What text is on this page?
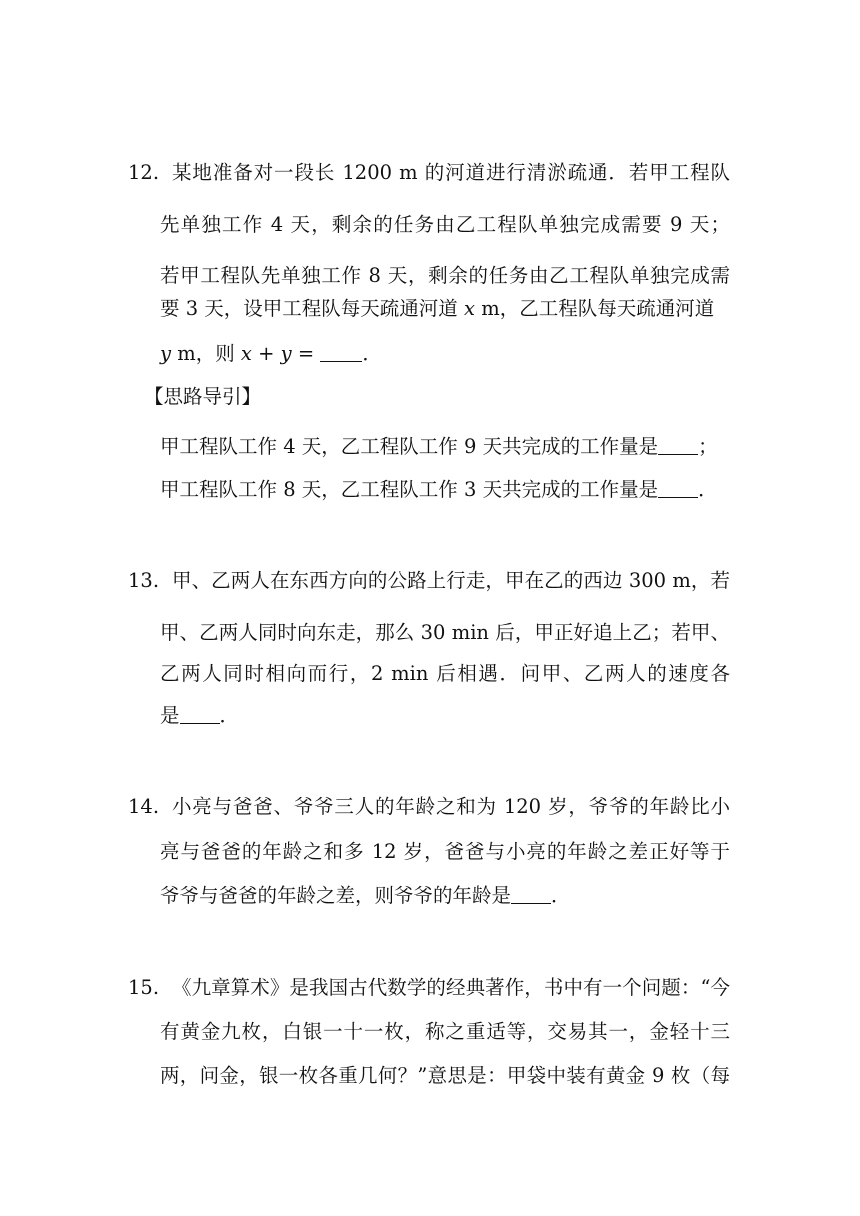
12. 某地准备对一段长 1200 m 的河道进行清淤疏通．若甲工程队
先单独工作 4 天，剩余的任务由乙工程队单独完成需要 9 天；
若甲工程队先单独工作 8 天，剩余的任务由乙工程队单独完成需
要 3 天，设甲工程队每天疏通河道 x m，乙工程队每天疏通河道
y m，则 x + y = ．
【思路导引】
甲工程队工作 4 天，乙工程队工作 9 天共完成的工作量是 ；
甲工程队工作 8 天，乙工程队工作 3 天共完成的工作量是 ．
13. 甲、乙两人在东西方向的公路上行走，甲在乙的西边 300 m，若
甲、乙两人同时向东走，那么 30 min 后，甲正好追上乙；若甲、
乙两人同时相向而行，2 min 后相遇．问甲、乙两人的速度各
是 ．
14. 小亮与爸爸、爷爷三人的年龄之和为 120 岁，爷爷的年龄比小
亮与爸爸的年龄之和多 12 岁，爸爸与小亮的年龄之差正好等于
爷爷与爸爸的年龄之差，则爷爷的年龄是 ．
15. 《九章算术》是我国古代数学的经典著作，书中有一个问题：“今
有黄金九枚，白银一十一枚，称之重适等，交易其一，金轻十三
两，问金，银一枚各重几何？”意思是：甲袋中装有黄金 9 枚（每
